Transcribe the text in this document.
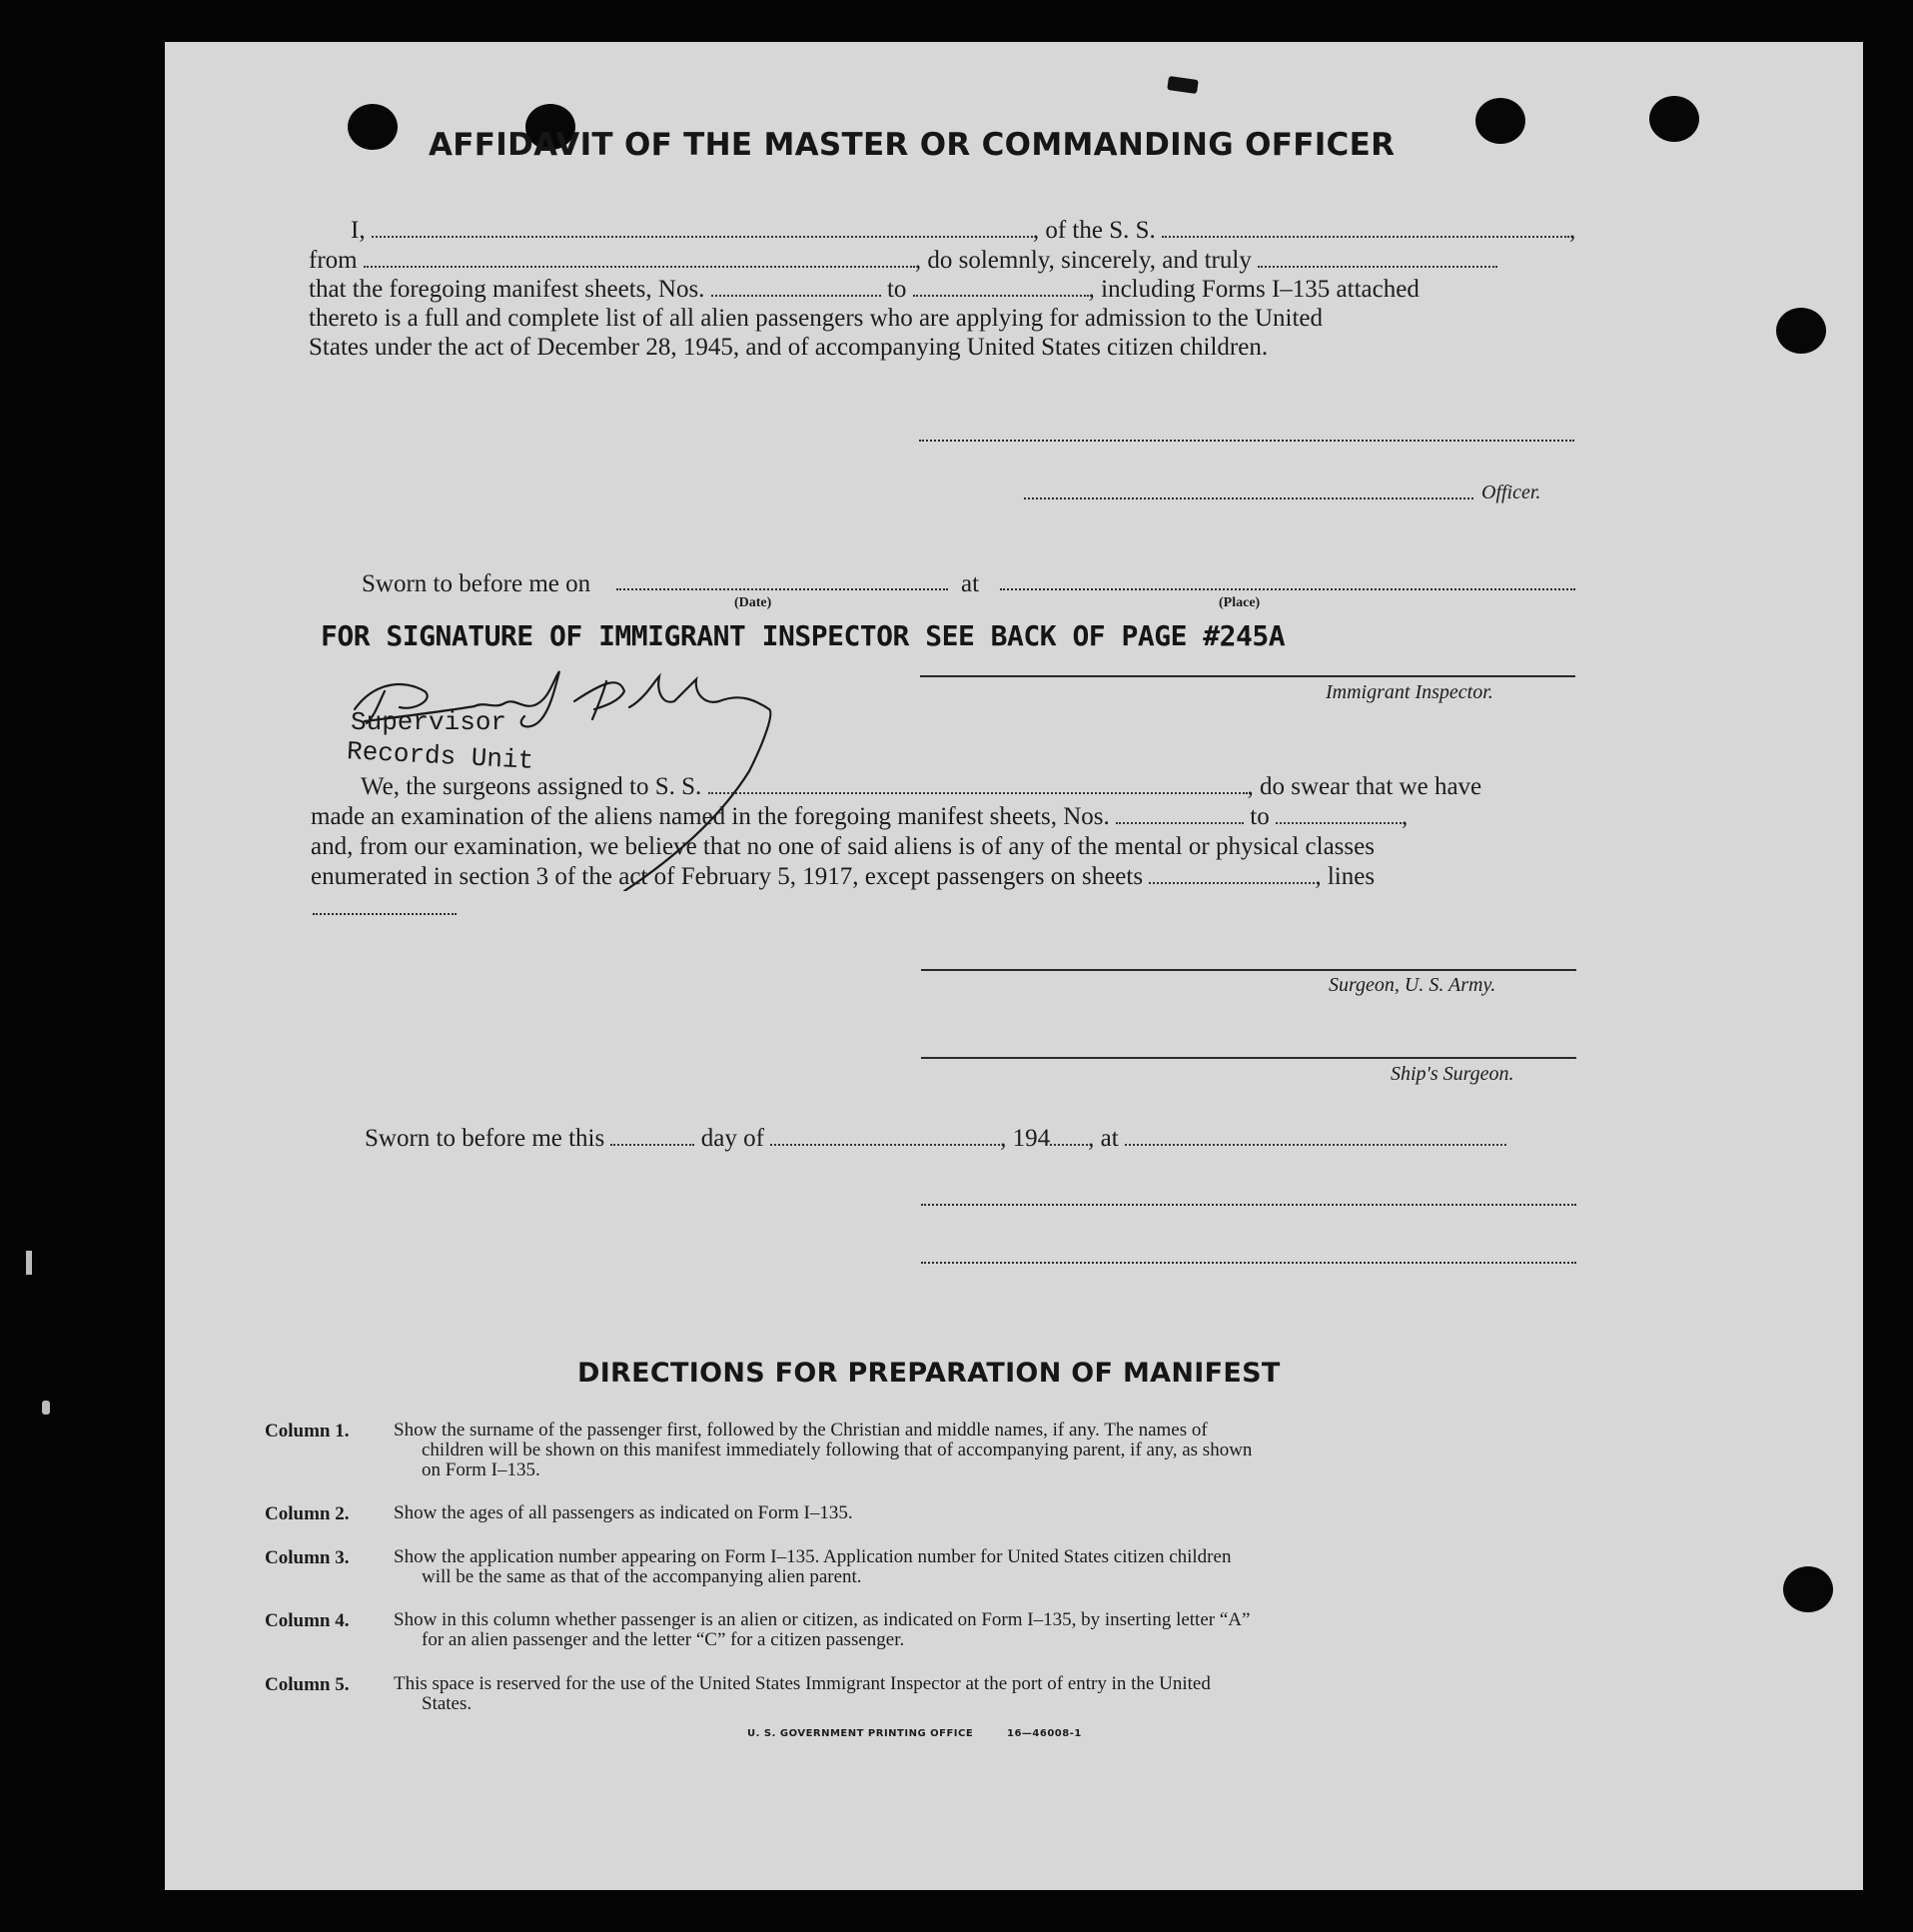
AFFIDAVIT OF THE MASTER OR COMMANDING OFFICER
I,	, of the S. S.	,
from	, do solemnly, sincerely, and truly
that the foregoing manifest sheets, Nos.	to	, including Forms I–135 attached
thereto is a full and complete list of all alien passengers who are applying for admission to the United
States under the act of December 28, 1945, and of accompanying United States citizen children.
Officer.
Sworn to before me on	at
(Date)	(Place)
FOR SIGNATURE OF IMMIGRANT INSPECTOR SEE BACK OF PAGE #245A
Immigrant Inspector.
Supervisor
Records Unit
We, the surgeons assigned to S. S.	, do swear that we have
made an examination of the aliens named in the foregoing manifest sheets, Nos.	to	,
and, from our examination, we believe that no one of said aliens is of any of the mental or physical classes
enumerated in section 3 of the act of February 5, 1917, except passengers on sheets	, lines
Surgeon, U. S. Army.
Ship's Surgeon.
Sworn to before me this	day of	, 194 , at
DIRECTIONS FOR PREPARATION OF MANIFEST
Column 1. Show the surname of the passenger first, followed by the Christian and middle names, if any. The names of
children will be shown on this manifest immediately following that of accompanying parent, if any, as shown
on Form I–135.
Column 2. Show the ages of all passengers as indicated on Form I–135.
Column 3. Show the application number appearing on Form I–135. Application number for United States citizen children
will be the same as that of the accompanying alien parent.
Column 4. Show in this column whether passenger is an alien or citizen, as indicated on Form I–135, by inserting letter “A”
for an alien passenger and the letter “C” for a citizen passenger.
Column 5. This space is reserved for the use of the United States Immigrant Inspector at the port of entry in the United
States.
U. S. GOVERNMENT PRINTING OFFICE	16—46008-1
